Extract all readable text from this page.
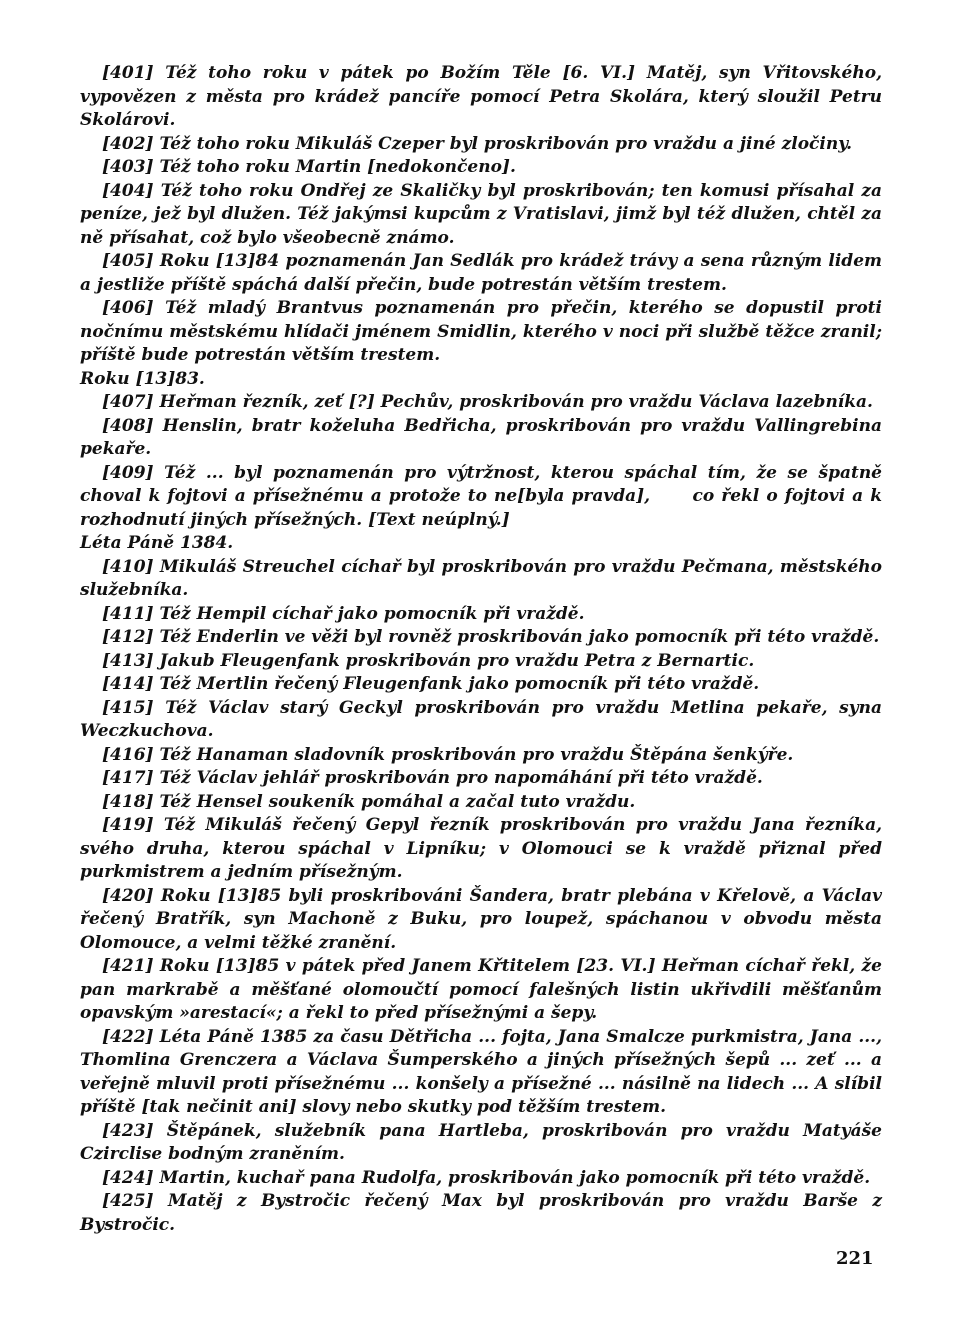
[401] Též toho roku v pátek po Božím Těle [6. VI.] Matěj, syn Vřitovského, vypovězen z města pro krádež pancíře pomocí Petra Skolára, který sloužil Petru Skolárovi.

[402] Též toho roku Mikuláš Czeper byl proskribován pro vraždu a jiné zločiny.

[403] Též toho roku Martin [nedokončeno].

[404] Též toho roku Ondřej ze Skaličky byl proskribován; ten komusi přísahal za peníze, jež byl dlužen. Též jakýmsi kupcům z Vratislavi, jimž byl též dlužen, chtěl za ně přísahat, což bylo všeobecně známo.

[405] Roku [13]84 poznamenán Jan Sedlák pro krádež trávy a sena různým lidem a jestliže příště spáchá další přečin, bude potrestán větším trestem.

[406] Též mladý Brantvus poznamenán pro přečin, kterého se dopustil proti nočnímu městskému hlídači jménem Smidlin, kterého v noci při službě těžce zranil; příště bude potrestán větším trestem.

Roku [13]83.

[407] Heřman řezník, zeť [?] Pechův, proskribován pro vraždu Václava lazebníka.

[408] Henslin, bratr koželuha Bedřicha, proskribován pro vraždu Vallingrebina pekaře.

[409] Též ... byl poznamenán pro výtržnost, kterou spáchal tím, že se špatně choval k fojtovi a přísežnému a protože to ne[byla pravda],      co řekl o fojtovi a k rozhodnutí jiných přísežných. [Text neúplný.]

Léta Páně 1384.

[410] Mikuláš Streuchel cíchař byl proskribován pro vraždu Pečmana, městského služebníka.

[411] Též Hempil cíchař jako pomocník při vraždě.

[412] Též Enderlin ve věži byl rovněž proskribován jako pomocník při této vraždě.

[413] Jakub Fleugenfank proskribován pro vraždu Petra z Bernartic.

[414] Též Mertlin řečený Fleugenfank jako pomocník při této vraždě.

[415] Též Václav starý Geckyl proskribován pro vraždu Metlina pekaře, syna Weczkuchova.

[416] Též Hanaman sladovník proskribován pro vraždu Štěpána šenkýře.

[417] Též Václav jehlář proskribován pro napomáhání při této vraždě.

[418] Též Hensel soukeník pomáhal a začal tuto vraždu.

[419] Též Mikuláš řečený Gepyl řezník proskribován pro vraždu Jana řezníka, svého druha, kterou spáchal v Lipníku; v Olomouci se k vraždě přiznal před purkmistrem a jedním přísežným.

[420] Roku [13]85 byli proskribováni Šandera, bratr plebána v Křelově, a Václav řečený Bratřík, syn Machoně z Buku, pro loupež, spáchanou v obvodu města Olomouce, a velmi těžké zranění.

[421] Roku [13]85 v pátek před Janem Křtitelem [23. VI.] Heřman cíchař řekl, že pan markrabě a měšťané olomoučtí pomocí falešných listin ukřivdili měšťanům opavským »arestací«; a řekl to před přísežnými a šepy.

[422] Léta Páně 1385 za času Dětřicha ... fojta, Jana Smalcze purkmistra, Jana ..., Thomlina Grenczera a Václava Šumperského a jiných přísežných šepů ... zeť ... a veřejně mluvil proti přísežnému ... konšely a přísežné ... násilně na lidech ... A slíbil příště [tak nečinit ani] slovy nebo skutky pod těžším trestem.

[423] Štěpánek, služebník pana Hartleba, proskribován pro vraždu Matyáše Czirclise bodným zraněním.

[424] Martin, kuchař pana Rudolfa, proskribován jako pomocník při této vraždě.

[425] Matěj z Bystročic řečený Max byl proskribován pro vraždu Barše z Bystročic.

221
